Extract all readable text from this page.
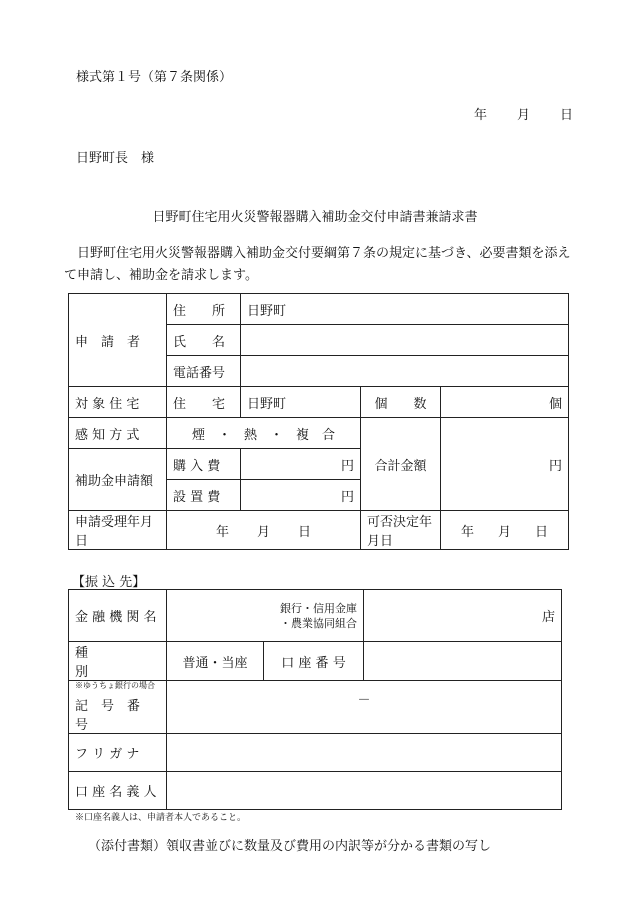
様式第１号（第７条関係）
年 月 日
日野町長　様
日野町住宅用火災警報器購入補助金交付申請書兼請求書
日野町住宅用火災警報器購入補助金交付要綱第７条の規定に基づき、必要書類を添えて申請し、補助金を請求します。
申　請　者	住　　所	日野町		
	氏　　名			
	電話番号			
対 象 住 宅	住　　宅	日野町	個　　数	個
感 知 方 式	煙　・　熱　・　複　合		合計金額	円
補助金申請額	購 入 費	円		
	設 置 費	円		
申請受理年月日	年 月 日		可否決定年月日	年 月 日
【振 込 先】
金 融 機 関 名	銀行・信用金庫
・農業協同組合		店
種　　　　　別	普通・当座	口 座 番 号	

※ゆうちょ銀行の場合
記　号　番　号	－		
フ リ ガ ナ			
口 座 名 義 人			
※口座名義人は、申請者本人であること。
（添付書類）領収書並びに数量及び費用の内訳等が分かる書類の写し
